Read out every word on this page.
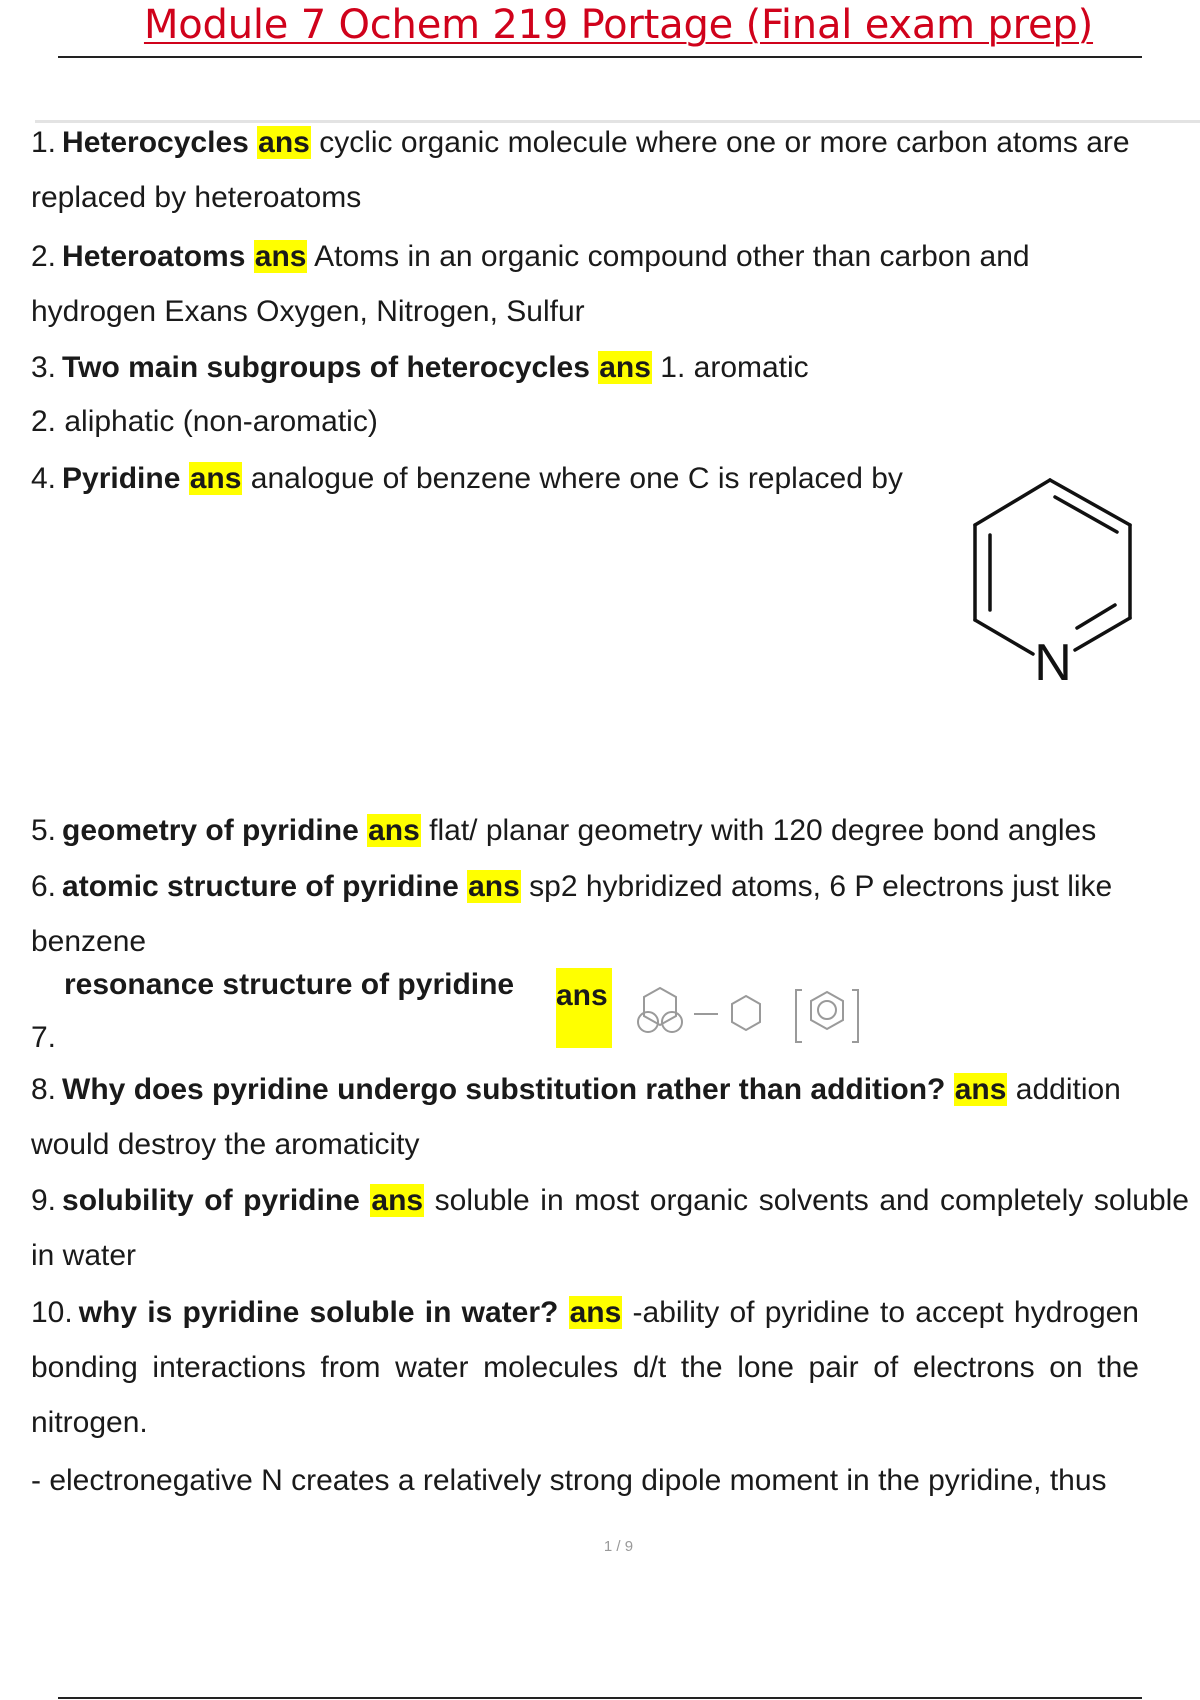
Module 7 Ochem 219 Portage (Final exam prep)
1. Heterocycles ans cyclic organic molecule where one or more carbon atoms are replaced by heteroatoms
2. Heteroatoms ans Atoms in an organic compound other than carbon and hydrogen Exans Oxygen, Nitrogen, Sulfur
3. Two main subgroups of heterocycles ans 1. aromatic
2. aliphatic (non-aromatic)
4. Pyridine ans analogue of benzene where one C is replaced by
N
5. geometry of pyridine ans flat/ planar geometry with 120 degree bond angles
6. atomic structure of pyridine ans sp2 hybridized atoms, 6 P electrons just like benzene
resonance structure of pyridine ans
7.
8. Why does pyridine undergo substitution rather than addition? ans addition would destroy the aromaticity
9. solubility of pyridine ans soluble in most organic solvents and completely soluble in water
10. why is pyridine soluble in water? ans -ability of pyridine to accept hydrogen bonding interactions from water molecules d/t the lone pair of electrons on the nitrogen.
- electronegative N creates a relatively strong dipole moment in the pyridine, thus
1 / 9
